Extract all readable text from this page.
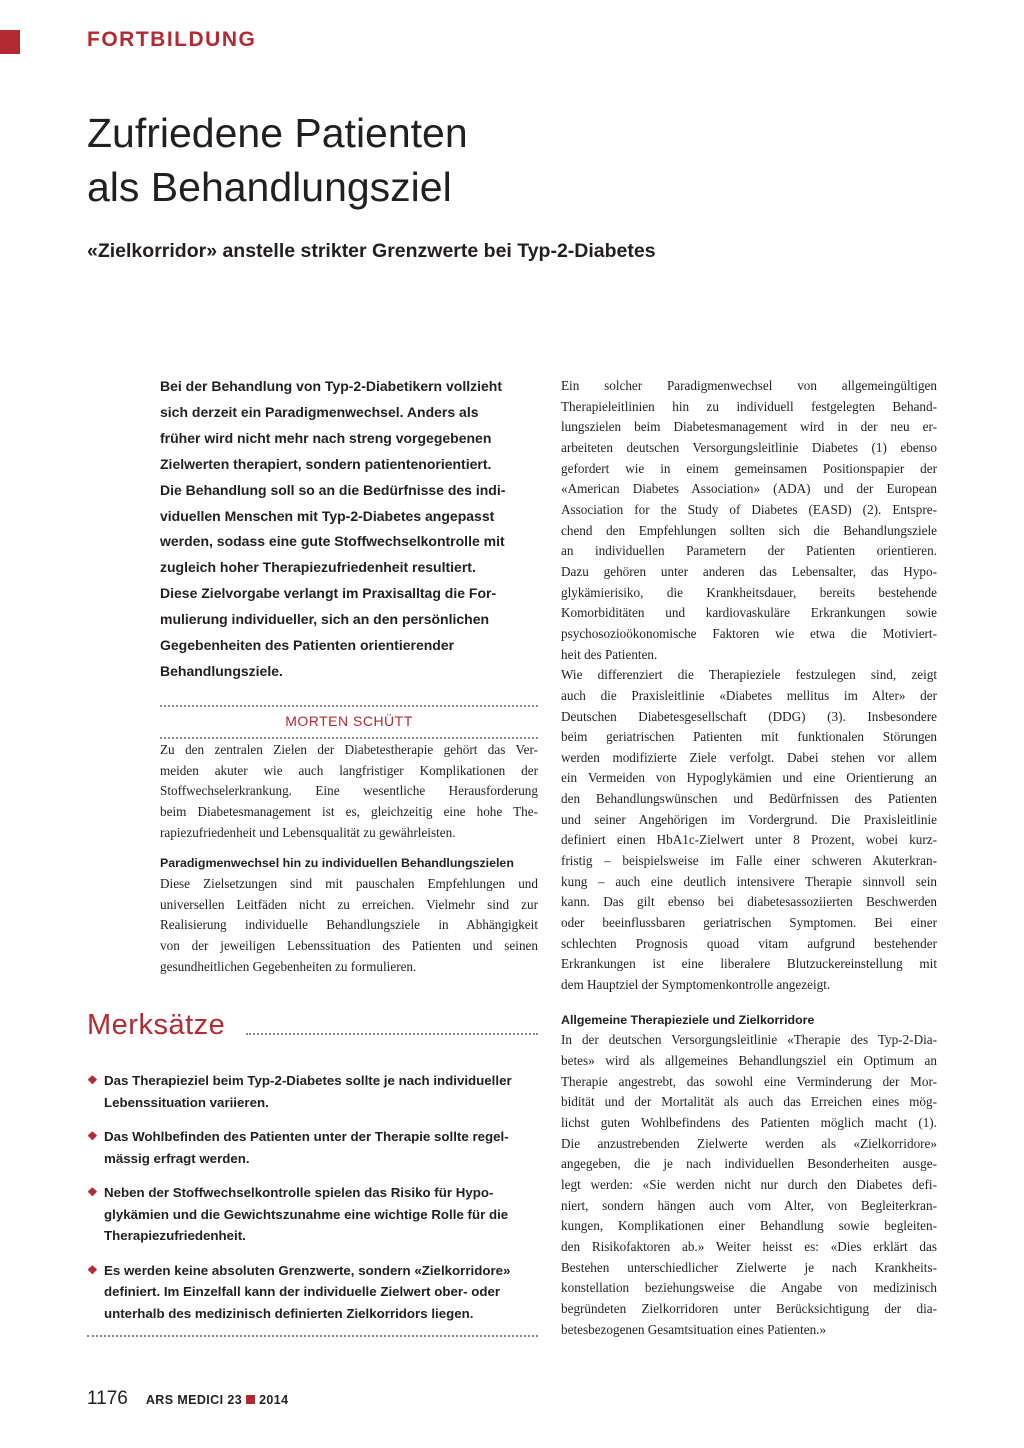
FORTBILDUNG
Zufriedene Patienten
als Behandlungsziel
«Zielkorridor» anstelle strikter Grenzwerte bei Typ-2-Diabetes
Bei der Behandlung von Typ-2-Diabetikern vollzieht
sich derzeit ein Paradigmenwechsel. Anders als
früher wird nicht mehr nach streng vorgegebenen
Zielwerten therapiert, sondern patientenorientiert.
Die Behandlung soll so an die Bedürfnisse des indi-
viduellen Menschen mit Typ-2-Diabetes angepasst
werden, sodass eine gute Stoffwechselkontrolle mit
zugleich hoher Therapiezufriedenheit resultiert.
Diese Zielvorgabe verlangt im Praxisalltag die For-
mulierung individueller, sich an den persönlichen
Gegebenheiten des Patienten orientierender
Behandlungsziele.
MORTEN SCHÜTT
Zu den zentralen Zielen der Diabetestherapie gehört das Ver-
meiden akuter wie auch langfristiger Komplikationen der
Stoffwechselerkrankung. Eine wesentliche Herausforderung
beim Diabetesmanagement ist es, gleichzeitig eine hohe The-
rapiezufriedenheit und Lebensqualität zu gewährleisten.
Paradigmenwechsel hin zu individuellen Behandlungszielen
Diese Zielsetzungen sind mit pauschalen Empfehlungen und
universellen Leitfäden nicht zu erreichen. Vielmehr sind zur
Realisierung individuelle Behandlungsziele in Abhängigkeit
von der jeweiligen Lebenssituation des Patienten und seinen
gesundheitlichen Gegebenheiten zu formulieren.
Ein solcher Paradigmenwechsel von allgemeingültigen
Therapieleitlinien hin zu individuell festgelegten Behand-
lungszielen beim Diabetesmanagement wird in der neu er-
arbeiteten deutschen Versorgungsleitlinie Diabetes (1) ebenso
gefordert wie in einem gemeinsamen Positionspapier der
«American Diabetes Association» (ADA) und der European
Association for the Study of Diabetes (EASD) (2). Entspre-
chend den Empfehlungen sollten sich die Behandlungsziele
an individuellen Parametern der Patienten orientieren.
Dazu gehören unter anderen das Lebensalter, das Hypo-
glykämierisiko, die Krankheitsdauer, bereits bestehende
Komorbiditäten und kardiovaskuläre Erkrankungen sowie
psychosozioökonomische Faktoren wie etwa die Motiviert-
heit des Patienten.
Wie differenziert die Therapieziele festzulegen sind, zeigt
auch die Praxisleitlinie «Diabetes mellitus im Alter» der
Deutschen Diabetesgesellschaft (DDG) (3). Insbesondere
beim geriatrischen Patienten mit funktionalen Störungen
werden modifizierte Ziele verfolgt. Dabei stehen vor allem
ein Vermeiden von Hypoglykämien und eine Orientierung an
den Behandlungswünschen und Bedürfnissen des Patienten
und seiner Angehörigen im Vordergrund. Die Praxisleitlinie
definiert einen HbA1c-Zielwert unter 8 Prozent, wobei kurz-
fristig – beispielsweise im Falle einer schweren Akuterkran-
kung – auch eine deutlich intensivere Therapie sinnvoll sein
kann. Das gilt ebenso bei diabetesassoziierten Beschwerden
oder beeinflussbaren geriatrischen Symptomen. Bei einer
schlechten Prognosis quoad vitam aufgrund bestehender
Erkrankungen ist eine liberalere Blutzuckereinstellung mit
dem Hauptziel der Symptomenkontrolle angezeigt.
Allgemeine Therapieziele und Zielkorridore
In der deutschen Versorgungsleitlinie «Therapie des Typ-2-Dia-
betes» wird als allgemeines Behandlungsziel ein Optimum an
Therapie angestrebt, das sowohl eine Verminderung der Mor-
bidität und der Mortalität als auch das Erreichen eines mög-
lichst guten Wohlbefindens des Patienten möglich macht (1).
Die anzustrebenden Zielwerte werden als «Zielkorridore»
angegeben, die je nach individuellen Besonderheiten ausge-
legt werden: «Sie werden nicht nur durch den Diabetes defi-
niert, sondern hängen auch vom Alter, von Begleiterkran-
kungen, Komplikationen einer Behandlung sowie begleiten-
den Risikofaktoren ab.» Weiter heisst es: «Dies erklärt das
Bestehen unterschiedlicher Zielwerte je nach Krankheits-
konstellation beziehungsweise die Angabe von medizinisch
begründeten Zielkorridoren unter Berücksichtigung der dia-
betesbezogenen Gesamtsituation eines Patienten.»
Merksätze
❖ Das Therapieziel beim Typ-2-Diabetes sollte je nach individueller
Lebenssituation variieren.
❖ Das Wohlbefinden des Patienten unter der Therapie sollte regel-
mässig erfragt werden.
❖ Neben der Stoffwechselkontrolle spielen das Risiko für Hypo-
glykämien und die Gewichtszunahme eine wichtige Rolle für die
Therapiezufriedenheit.
❖ Es werden keine absoluten Grenzwerte, sondern «Zielkorridore»
definiert. Im Einzelfall kann der individuelle Zielwert ober- oder
unterhalb des medizinisch definierten Zielkorridors liegen.
1176 ARS MEDICI 23 2014
